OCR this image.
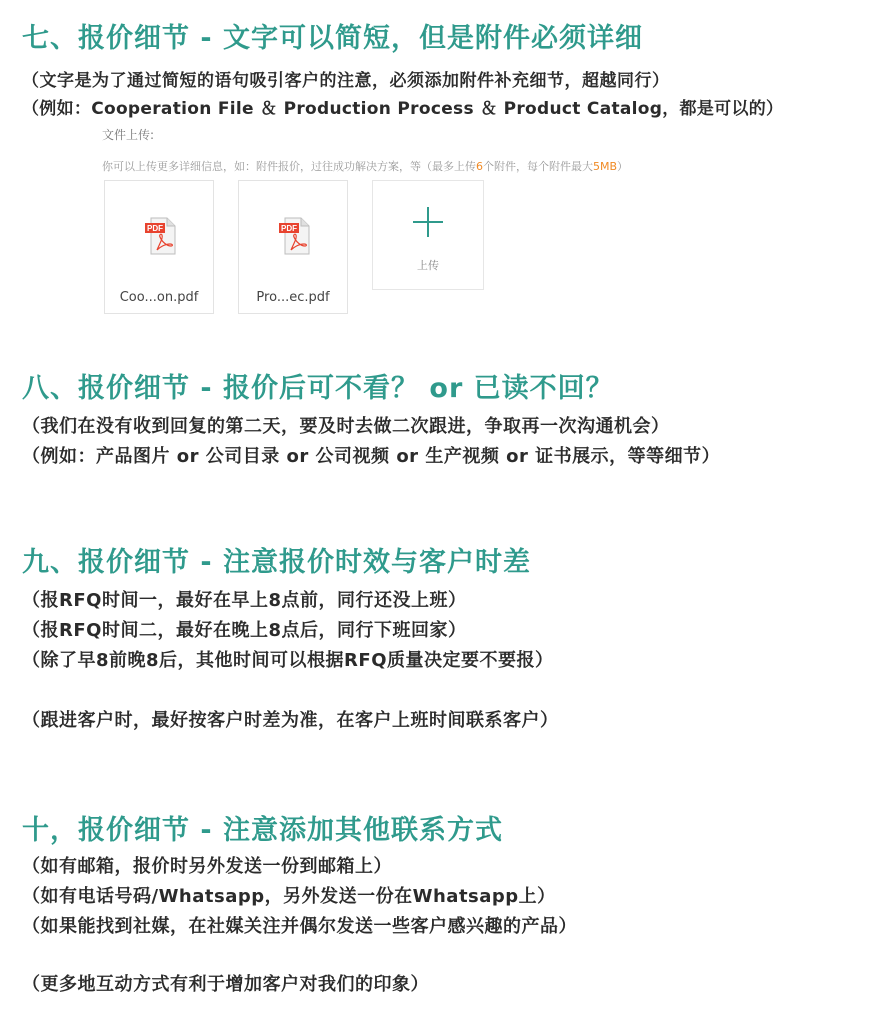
七、报价细节 - 文字可以简短，但是附件必须详细
（文字是为了通过简短的语句吸引客户的注意，必须添加附件补充细节，超越同行）
（例如：Cooperation File ＆ Production Process ＆ Product Catalog，都是可以的）
文件上传:
你可以上传更多详细信息，如：附件报价，过往成功解决方案，等（最多上传6个附件，每个附件最大5MB）
PDF
Coo...on.pdf
PDF
Pro...ec.pdf
上传
八、报价细节 - 报价后可不看？ or 已读不回？
（我们在没有收到回复的第二天，要及时去做二次跟进，争取再一次沟通机会）
（例如：产品图片 or 公司目录 or 公司视频 or 生产视频 or 证书展示，等等细节）
九、报价细节 - 注意报价时效与客户时差
（报RFQ时间一，最好在早上8点前，同行还没上班）
（报RFQ时间二，最好在晚上8点后，同行下班回家）
（除了早8前晚8后，其他时间可以根据RFQ质量决定要不要报）
（跟进客户时，最好按客户时差为准，在客户上班时间联系客户）
十，报价细节 - 注意添加其他联系方式
（如有邮箱，报价时另外发送一份到邮箱上）
（如有电话号码/Whatsapp，另外发送一份在Whatsapp上）
（如果能找到社媒，在社媒关注并偶尔发送一些客户感兴趣的产品）
（更多地互动方式有利于增加客户对我们的印象）
